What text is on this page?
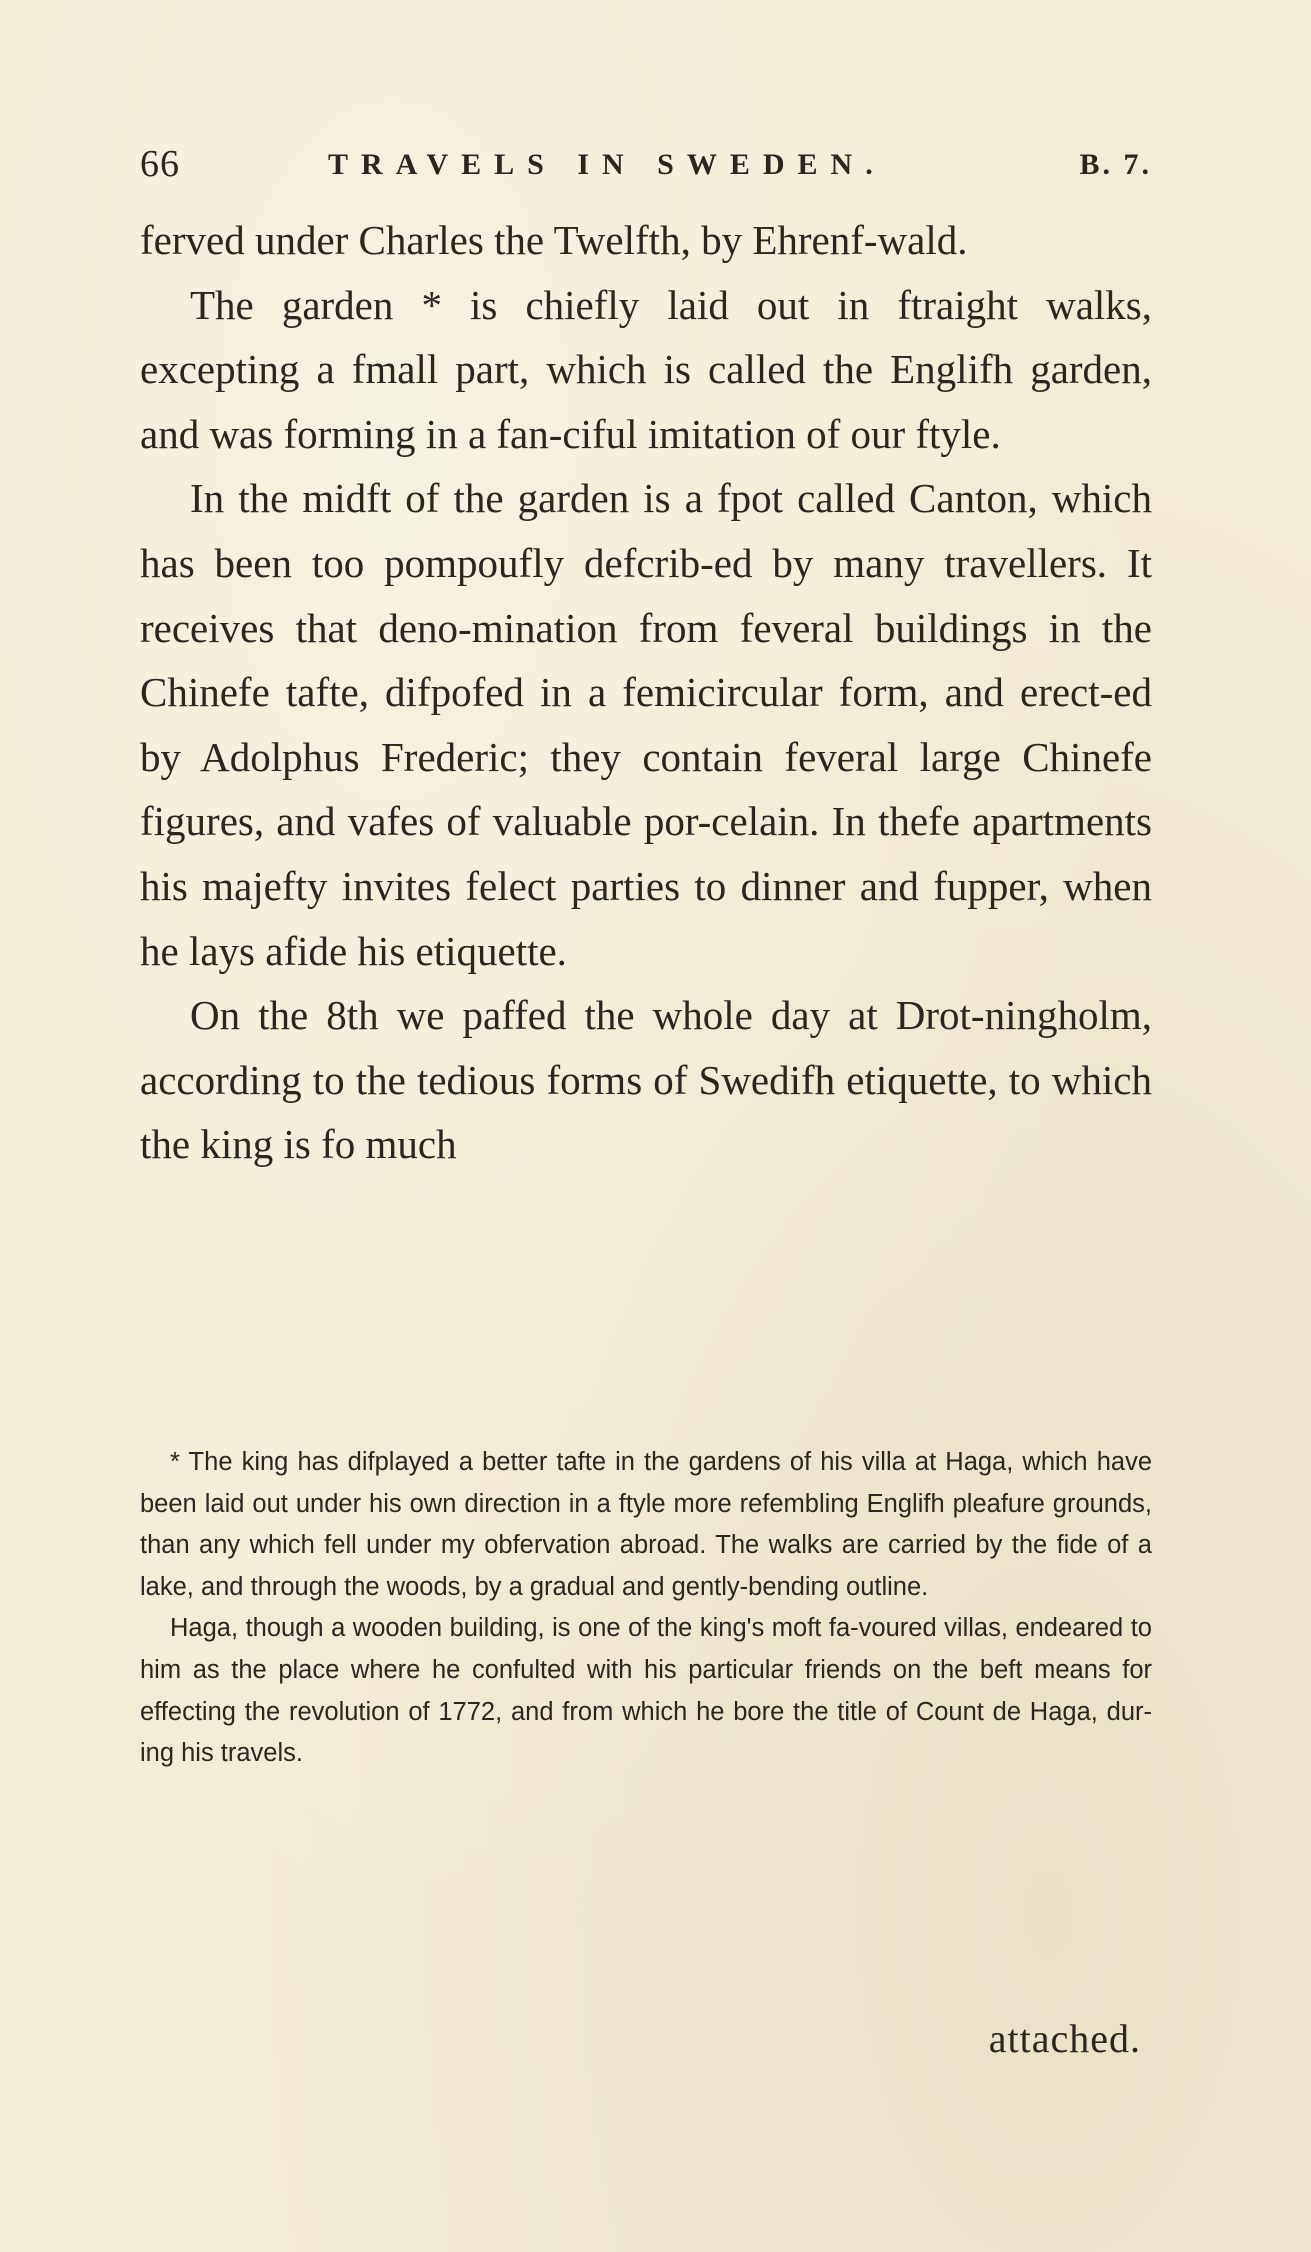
66	TRAVELS IN SWEDEN.	B. 7.

ferved under Charles the Twelfth, by Ehrenf-wald.

The garden * is chiefly laid out in ftraight walks, excepting a fmall part, which is called the Englifh garden, and was forming in a fan-ciful imitation of our ftyle.

In the midft of the garden is a fpot called Canton, which has been too pompoufly defcrib-ed by many travellers. It receives that deno-mination from feveral buildings in the Chinefe tafte, difpofed in a femicircular form, and erect-ed by Adolphus Frederic; they contain feveral large Chinefe figures, and vafes of valuable por-celain. In thefe apartments his majefty invites felect parties to dinner and fupper, when he lays afide his etiquette.

On the 8th we paffed the whole day at Drot-ningholm, according to the tedious forms of Swedifh etiquette, to which the king is fo much

* The king has difplayed a better tafte in the gardens of his villa at Haga, which have been laid out under his own direction in a ftyle more refembling Englifh pleafure grounds, than any which fell under my obfervation abroad. The walks are carried by the fide of a lake, and through the woods, by a gradual and gently-bending outline.

Haga, though a wooden building, is one of the king's moft fa-voured villas, endeared to him as the place where he confulted with his particular friends on the beft means for effecting the revolution of 1772, and from which he bore the title of Count de Haga, dur-ing his travels.

attached.
